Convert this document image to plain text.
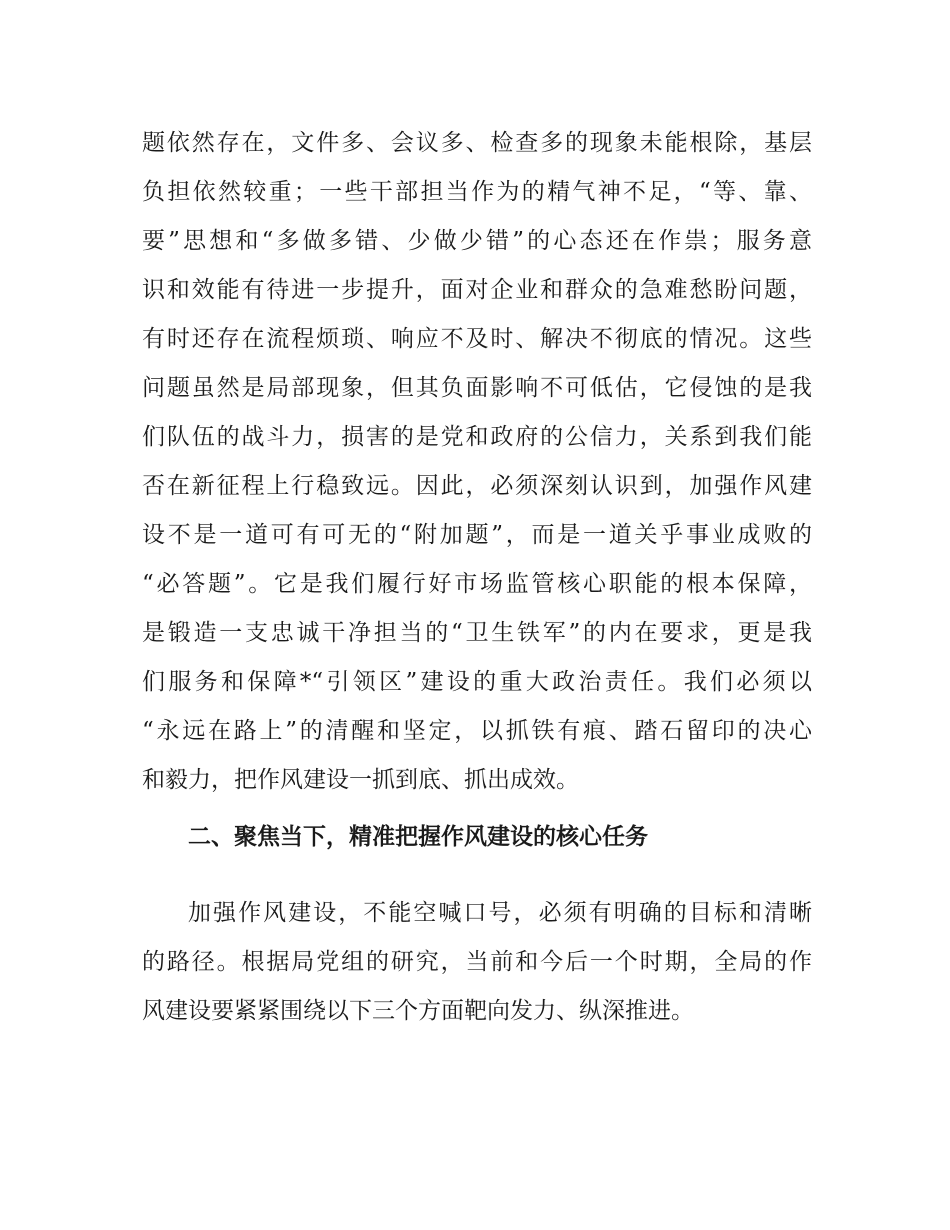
题依然存在，文件多、会议多、检查多的现象未能根除，基层
负担依然较重；一些干部担当作为的精气神不足，“等、靠、
要”思想和“多做多错、少做少错”的心态还在作祟；服务意
识和效能有待进一步提升，面对企业和群众的急难愁盼问题，
有时还存在流程烦琐、响应不及时、解决不彻底的情况。这些
问题虽然是局部现象，但其负面影响不可低估，它侵蚀的是我
们队伍的战斗力，损害的是党和政府的公信力，关系到我们能
否在新征程上行稳致远。因此，必须深刻认识到，加强作风建
设不是一道可有可无的“附加题”，而是一道关乎事业成败的
“必答题”。它是我们履行好市场监管核心职能的根本保障，
是锻造一支忠诚干净担当的“卫生铁军”的内在要求，更是我
们服务和保障*“引领区”建设的重大政治责任。我们必须以
“永远在路上”的清醒和坚定，以抓铁有痕、踏石留印的决心
和毅力，把作风建设一抓到底、抓出成效。
二、聚焦当下，精准把握作风建设的核心任务
加强作风建设，不能空喊口号，必须有明确的目标和清晰
的路径。根据局党组的研究，当前和今后一个时期，全局的作
风建设要紧紧围绕以下三个方面靶向发力、纵深推进。
